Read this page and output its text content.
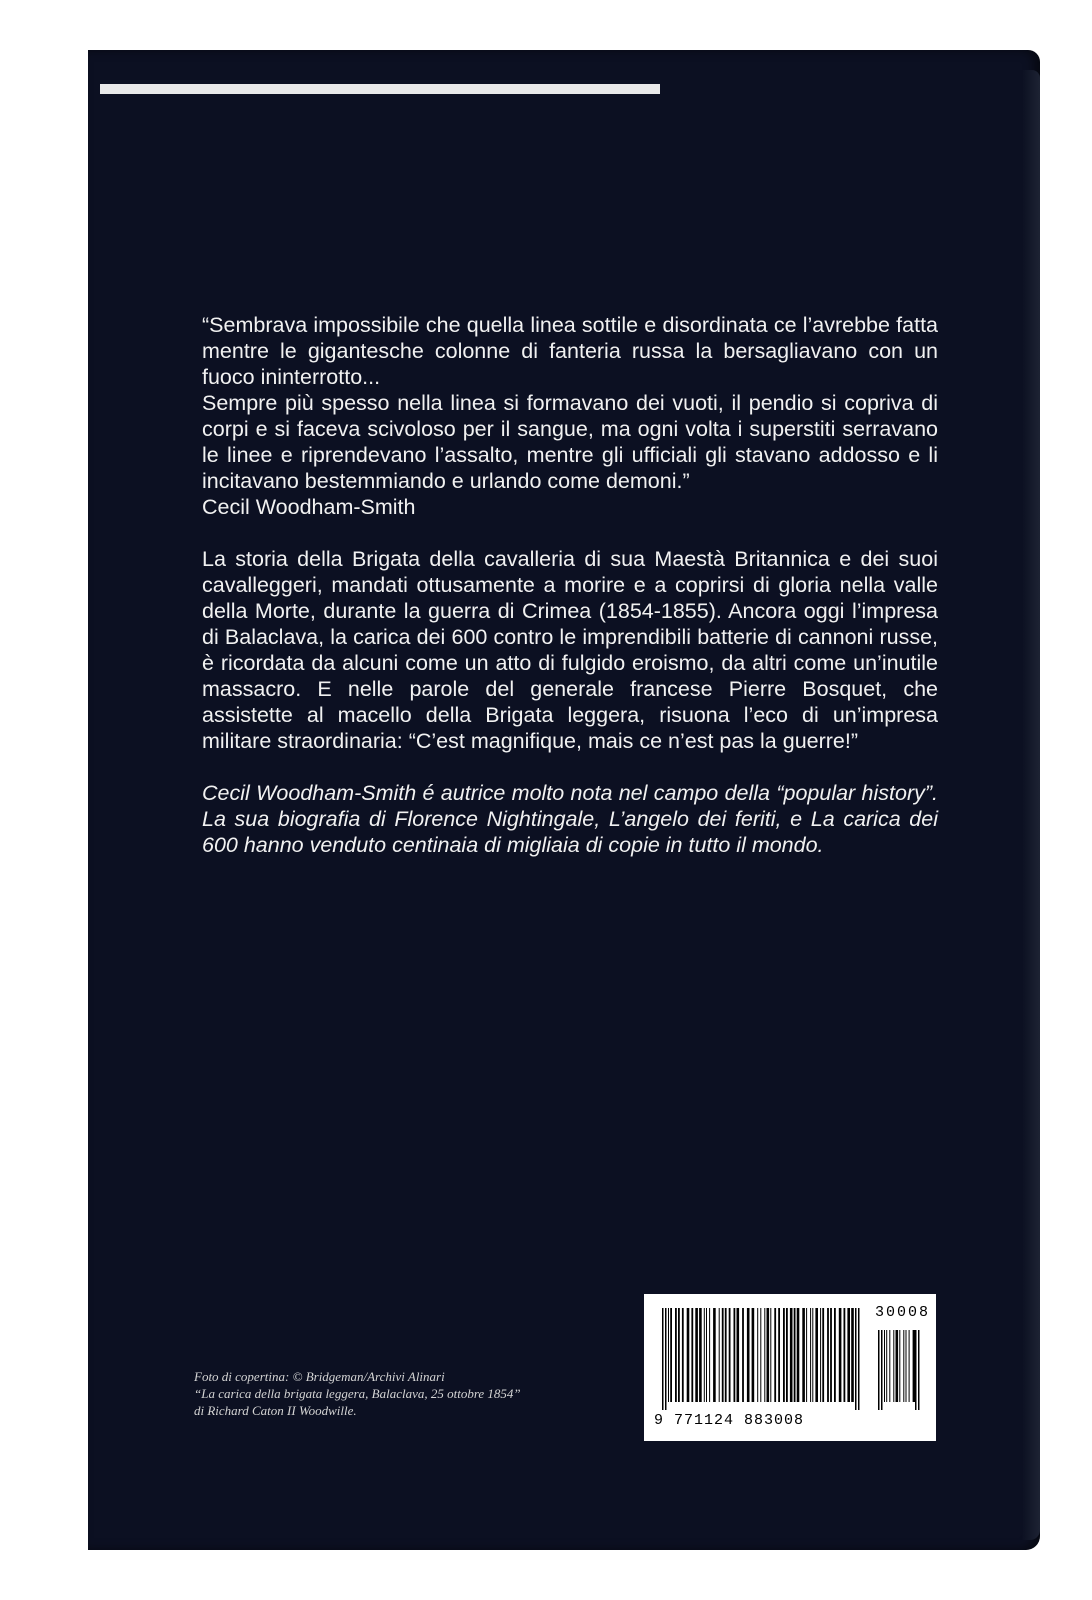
“Sembrava impossibile che quella linea sottile e disordinata ce l’avrebbe fatta mentre le gigantesche colonne di fanteria russa la bersagliavano con un fuoco ininterrotto...

Sempre più spesso nella linea si formavano dei vuoti, il pendio si copriva di corpi e si faceva scivoloso per il sangue, ma ogni volta i superstiti serravano le linee e riprendevano l’assalto, mentre gli ufficiali gli stavano addosso e li incitavano bestemmiando e urlando come demoni.”

Cecil Woodham-Smith

La storia della Brigata della cavalleria di sua Maestà Britannica e dei suoi cavalleggeri, mandati ottusamente a morire e a coprirsi di gloria nella valle della Morte, durante la guerra di Crimea (1854-1855). Ancora oggi l’impresa di Balaclava, la carica dei 600 contro le imprendibili batterie di cannoni russe, è ricordata da alcuni come un atto di fulgido eroismo, da altri come un’inutile massacro. E nelle parole del generale francese Pierre Bosquet, che assistette al macello della Brigata leggera, risuona l’eco di un’impresa militare straordinaria: “C’est magnifique, mais ce n’est pas la guerre!”

Cecil Woodham-Smith é autrice molto nota nel campo della “popular history”. La sua biografia di Florence Nightingale, L’angelo dei feriti, e La carica dei 600 hanno venduto centinaia di migliaia di copie in tutto il mondo.

Foto di copertina: © Bridgeman/Archivi Alinari
“La carica della brigata leggera, Balaclava, 25 ottobre 1854”
di Richard Caton II Woodwille.
30008
9 771124 883008
